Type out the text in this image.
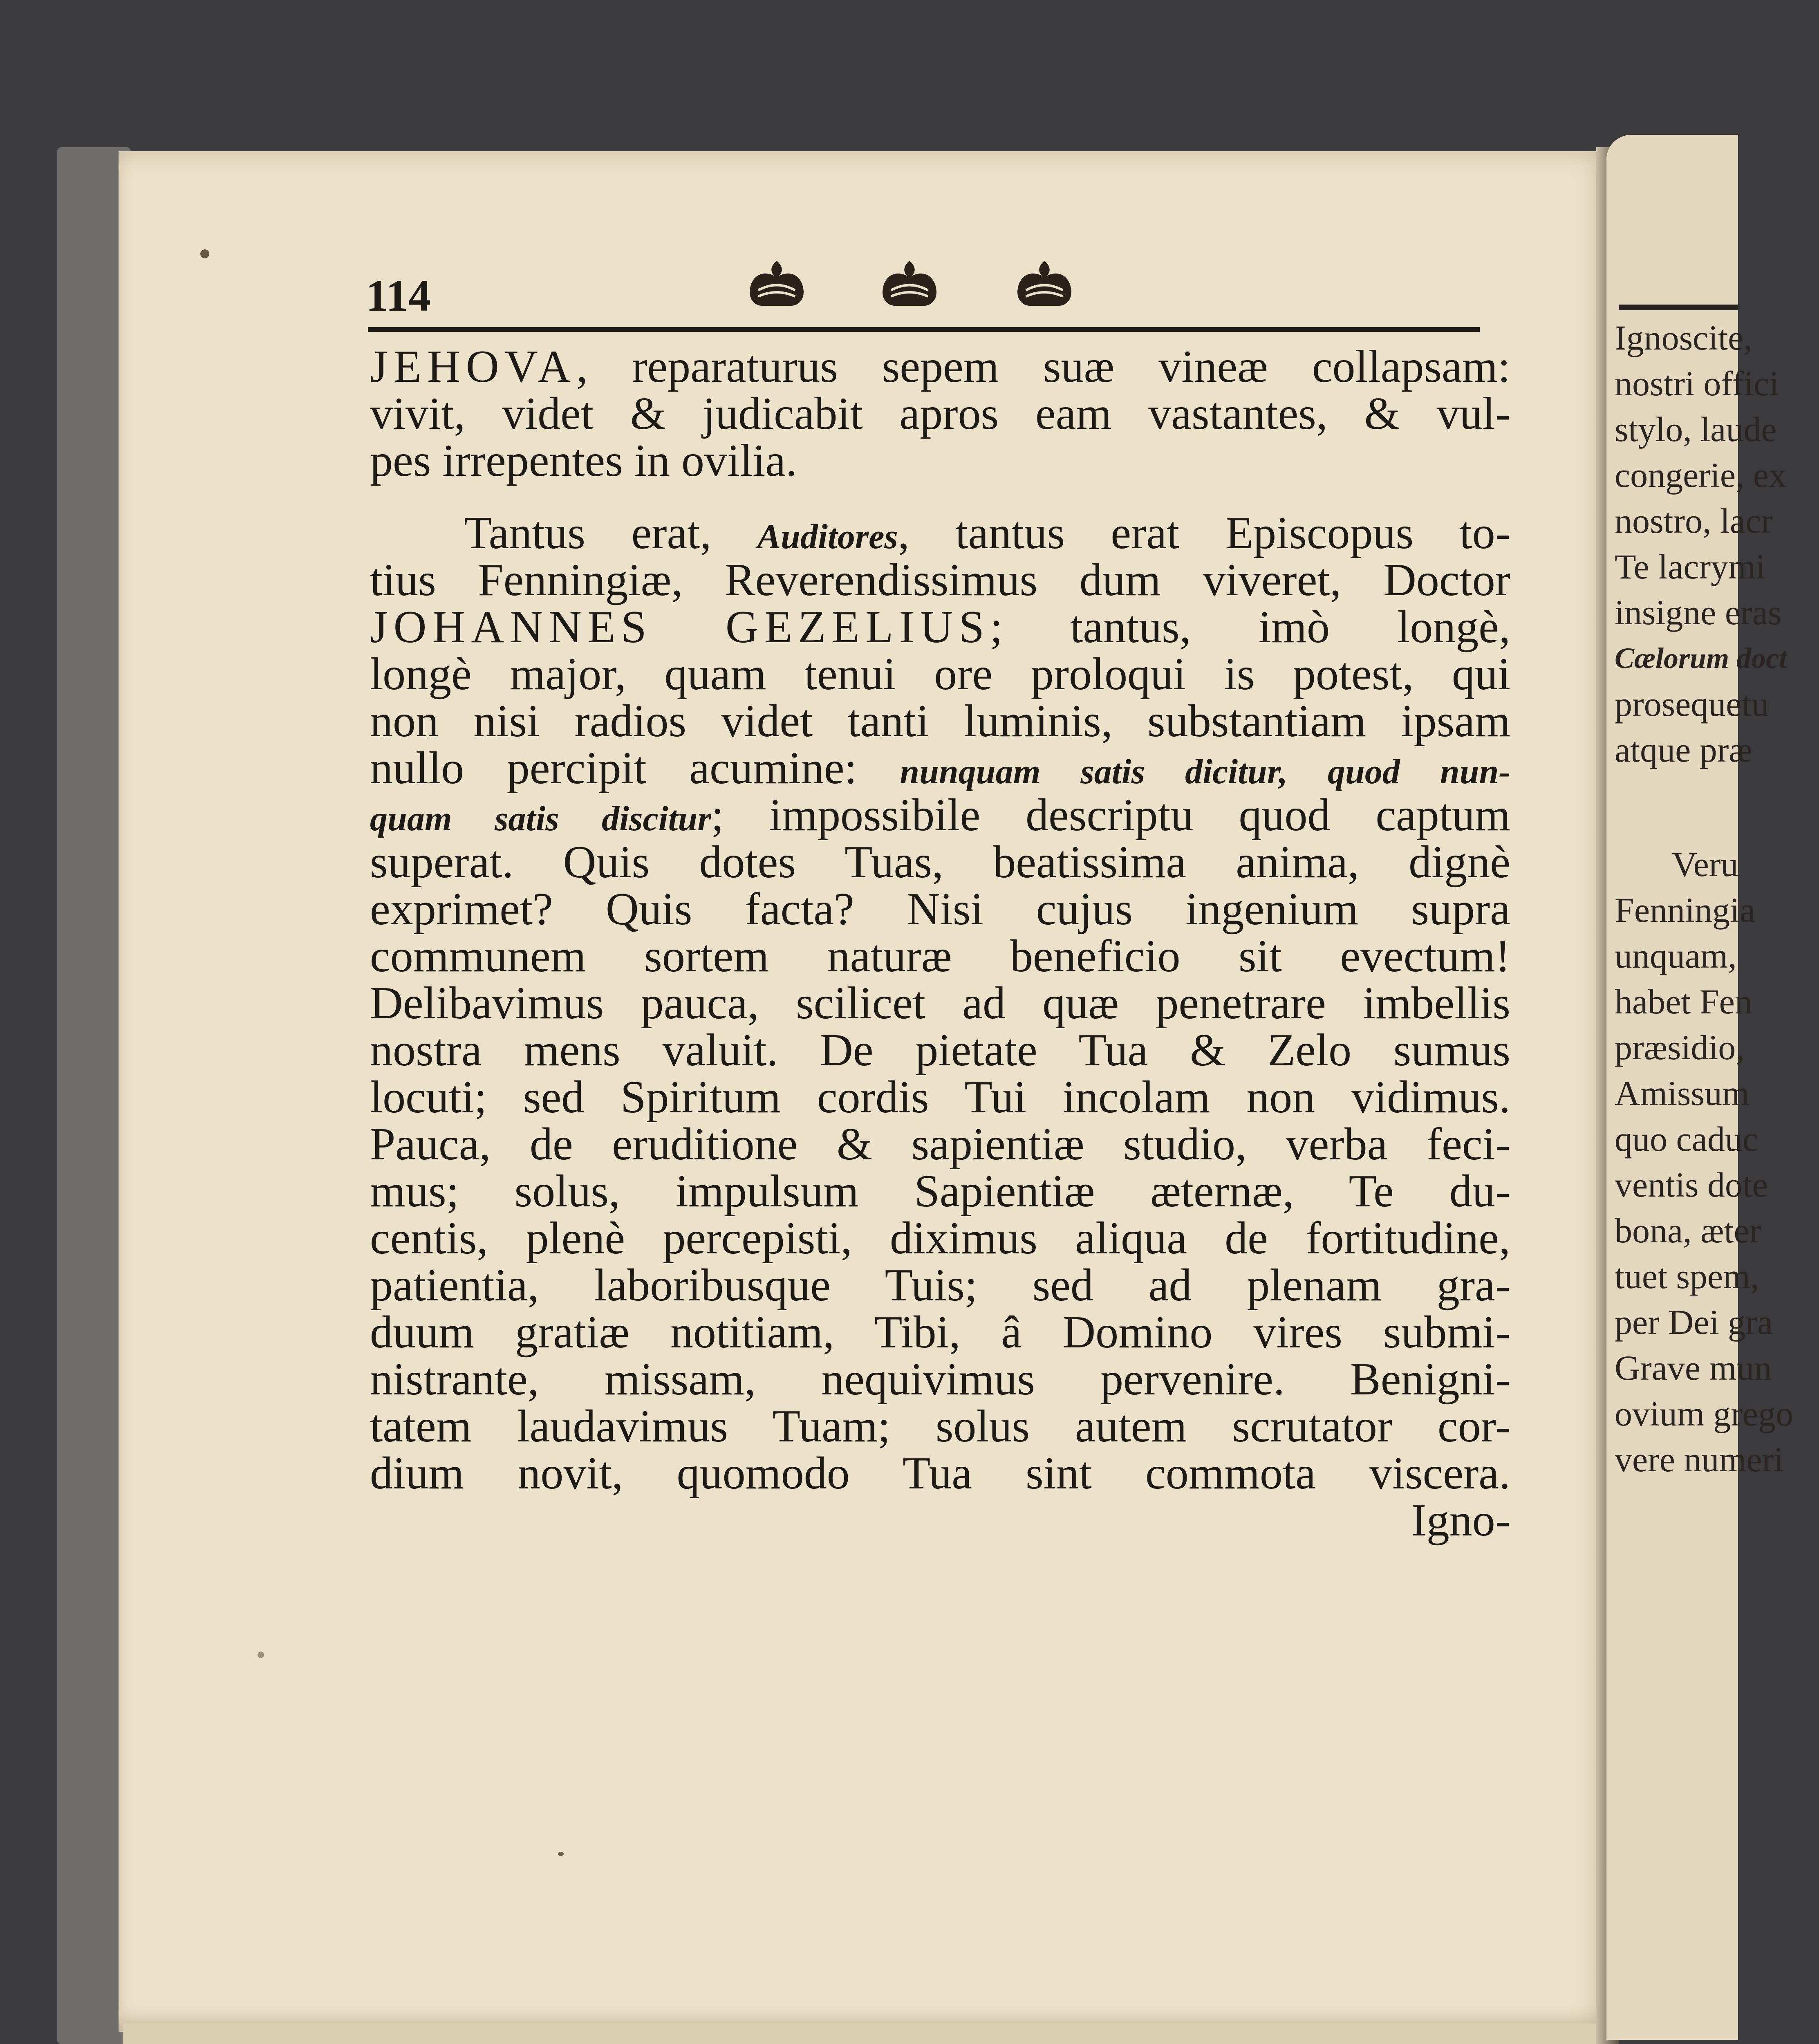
Ignoscite,
nostri offici
stylo, laude
congerie, ex
nostro, lacr
Te lacrymi
insigne eras
Cælorum doct
prosequetu
atque præ
Veru
Fenningia
unquam,
habet Fen
præsidio,
Amissum
quo caduc
ventis dote
bona, æter
tuet spem,
per Dei gra
Grave mun
ovium grego
vere numeri
114
JEHOVA, reparaturus sepem suæ vineæ collapsam:
vivit, videt & judicabit apros eam vastantes, & vul-
pes irrepentes in ovilia.
Tantus erat, Auditores, tantus erat Episcopus to-
tius Fenningiæ, Reverendissimus dum viveret, Doctor
JOHANNES GEZELIUS; tantus, imò longè,
longè major, quam tenui ore proloqui is potest, qui
non nisi radios videt tanti luminis, substantiam ipsam
nullo percipit acumine: nunquam satis dicitur, quod nun-
quam satis discitur; impossibile descriptu quod captum
superat. Quis dotes Tuas, beatissima anima, dignè
exprimet? Quis facta? Nisi cujus ingenium supra
communem sortem naturæ beneficio sit evectum!
Delibavimus pauca, scilicet ad quæ penetrare imbellis
nostra mens valuit. De pietate Tua & Zelo sumus
locuti; sed Spiritum cordis Tui incolam non vidimus.
Pauca, de eruditione & sapientiæ studio, verba feci-
mus; solus, impulsum Sapientiæ æternæ, Te du-
centis, plenè percepisti, diximus aliqua de fortitudine,
patientia, laboribusque Tuis; sed ad plenam gra-
duum gratiæ notitiam, Tibi, â Domino vires submi-
nistrante, missam, nequivimus pervenire. Benigni-
tatem laudavimus Tuam; solus autem scrutator cor-
dium novit, quomodo Tua sint commota viscera.
Igno-
